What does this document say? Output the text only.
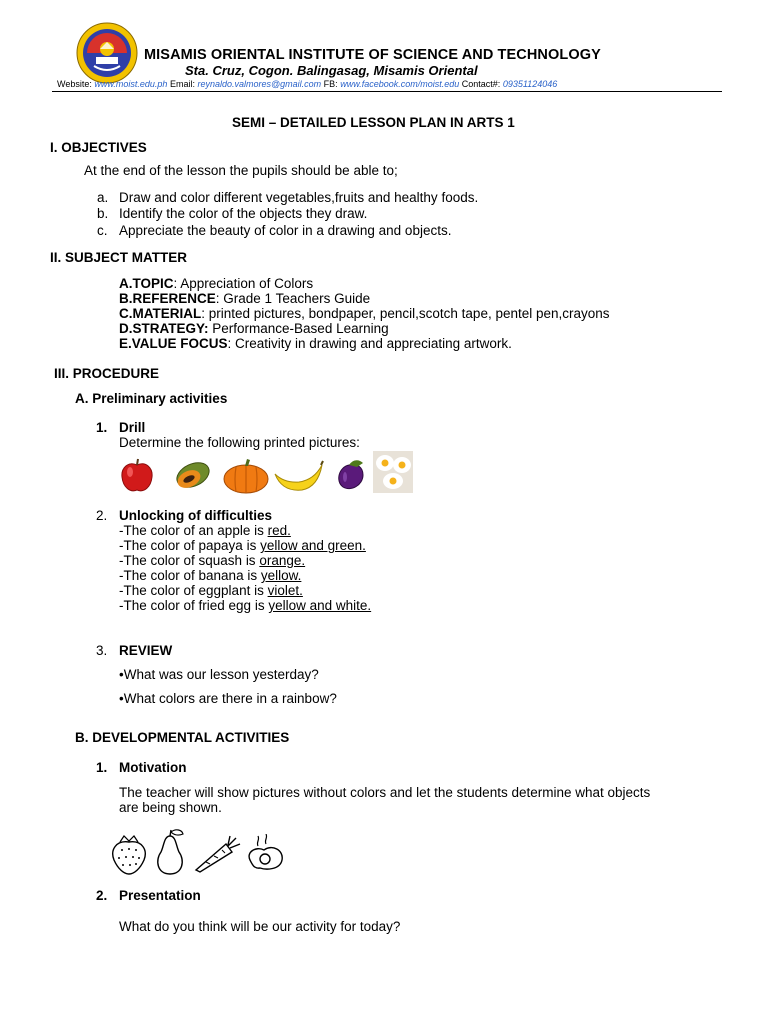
MISAMIS ORIENTAL INSTITUTE OF SCIENCE AND TECHNOLOGY
Sta. Cruz, Cogon. Balingasag, Misamis Oriental
Website: www.moist.edu.ph Email: reynaldo.valmores@gmail.com FB: www.facebook.com/moist.edu Contact#: 09351124046
SEMI – DETAILED LESSON PLAN IN ARTS 1
I. OBJECTIVES
At the end of the lesson the pupils should be able to;
a. Draw and color different vegetables,fruits and healthy foods.
b. Identify the color of the objects they draw.
c. Appreciate the beauty of color in a drawing and objects.
II. SUBJECT MATTER
A.TOPIC: Appreciation of Colors
B.REFERENCE: Grade 1 Teachers Guide
C.MATERIAL: printed pictures, bondpaper, pencil,scotch tape, pentel pen,crayons
D.STRATEGY: Performance-Based Learning
E.VALUE FOCUS: Creativity in drawing and appreciating artwork.
III. PROCEDURE
A. Preliminary activities
1. Drill
Determine the following printed pictures:
2. Unlocking of difficulties
-The color of an apple is red.
-The color of papaya is yellow and green.
-The color of squash is orange.
-The color of banana is yellow.
-The color of eggplant is violet.
-The color of fried egg is yellow and white.
3. REVIEW
•What was our lesson yesterday?
•What colors are there in a rainbow?
B. DEVELOPMENTAL ACTIVITIES
1. Motivation
The teacher will show pictures without colors and let the students determine what objects
are being shown.
2. Presentation
What do you think will be our activity for today?
